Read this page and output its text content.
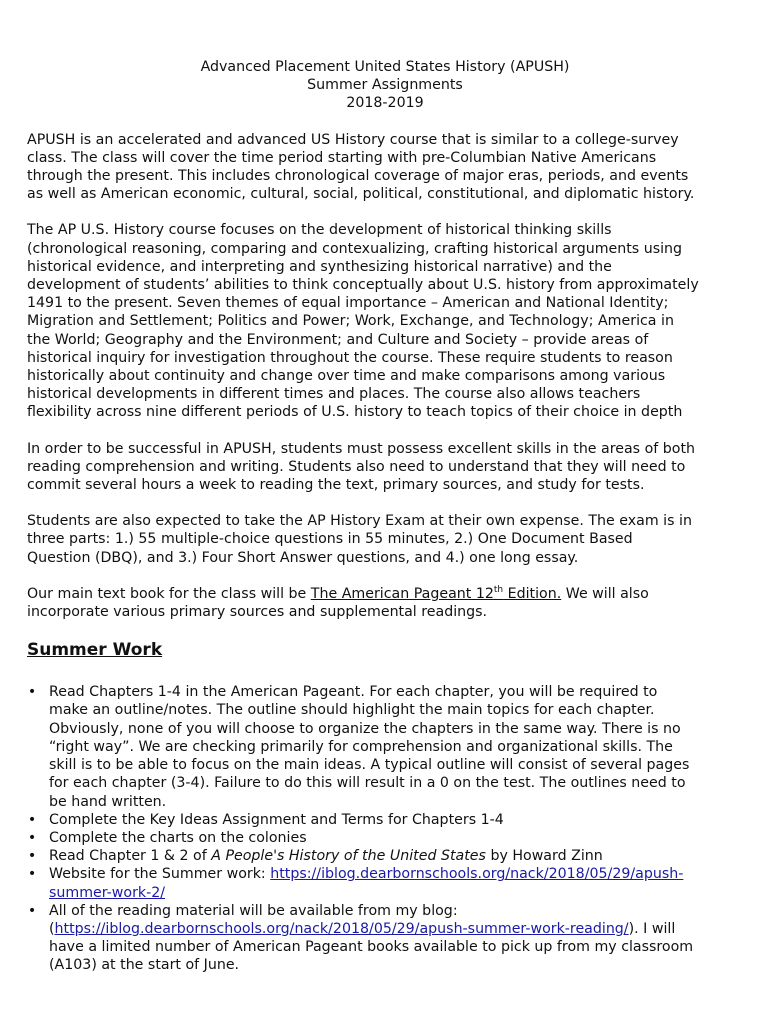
Advanced Placement United States History (APUSH)
Summer Assignments
2018-2019

APUSH is an accelerated and advanced US History course that is similar to a college-survey
class. The class will cover the time period starting with pre-Columbian Native Americans
through the present. This includes chronological coverage of major eras, periods, and events
as well as American economic, cultural, social, political, constitutional, and diplomatic history.

The AP U.S. History course focuses on the development of historical thinking skills
(chronological reasoning, comparing and contexualizing, crafting historical arguments using
historical evidence, and interpreting and synthesizing historical narrative) and the
development of students’ abilities to think conceptually about U.S. history from approximately
1491 to the present. Seven themes of equal importance – American and National Identity;
Migration and Settlement; Politics and Power; Work, Exchange, and Technology; America in
the World; Geography and the Environment; and Culture and Society – provide areas of
historical inquiry for investigation throughout the course. These require students to reason
historically about continuity and change over time and make comparisons among various
historical developments in different times and places. The course also allows teachers
flexibility across nine different periods of U.S. history to teach topics of their choice in depth

In order to be successful in APUSH, students must possess excellent skills in the areas of both
reading comprehension and writing. Students also need to understand that they will need to
commit several hours a week to reading the text, primary sources, and study for tests.

Students are also expected to take the AP History Exam at their own expense. The exam is in
three parts: 1.) 55 multiple-choice questions in 55 minutes, 2.) One Document Based
Question (DBQ), and 3.) Four Short Answer questions, and 4.) one long essay.

Our main text book for the class will be The American Pageant 12th Edition. We will also
incorporate various primary sources and supplemental readings.

Summer Work
• Read Chapters 1-4 in the American Pageant. For each chapter, you will be required to
make an outline/notes. The outline should highlight the main topics for each chapter.
Obviously, none of you will choose to organize the chapters in the same way. There is no
“right way”. We are checking primarily for comprehension and organizational skills. The
skill is to be able to focus on the main ideas. A typical outline will consist of several pages
for each chapter (3-4). Failure to do this will result in a 0 on the test. The outlines need to
be hand written.
• Complete the Key Ideas Assignment and Terms for Chapters 1-4
• Complete the charts on the colonies
• Read Chapter 1 & 2 of A People's History of the United States by Howard Zinn
• Website for the Summer work: https://iblog.dearbornschools.org/nack/2018/05/29/apush-
summer-work-2/
• All of the reading material will be available from my blog:
(https://iblog.dearbornschools.org/nack/2018/05/29/apush-summer-work-reading/). I will
have a limited number of American Pageant books available to pick up from my classroom
(A103) at the start of June.
